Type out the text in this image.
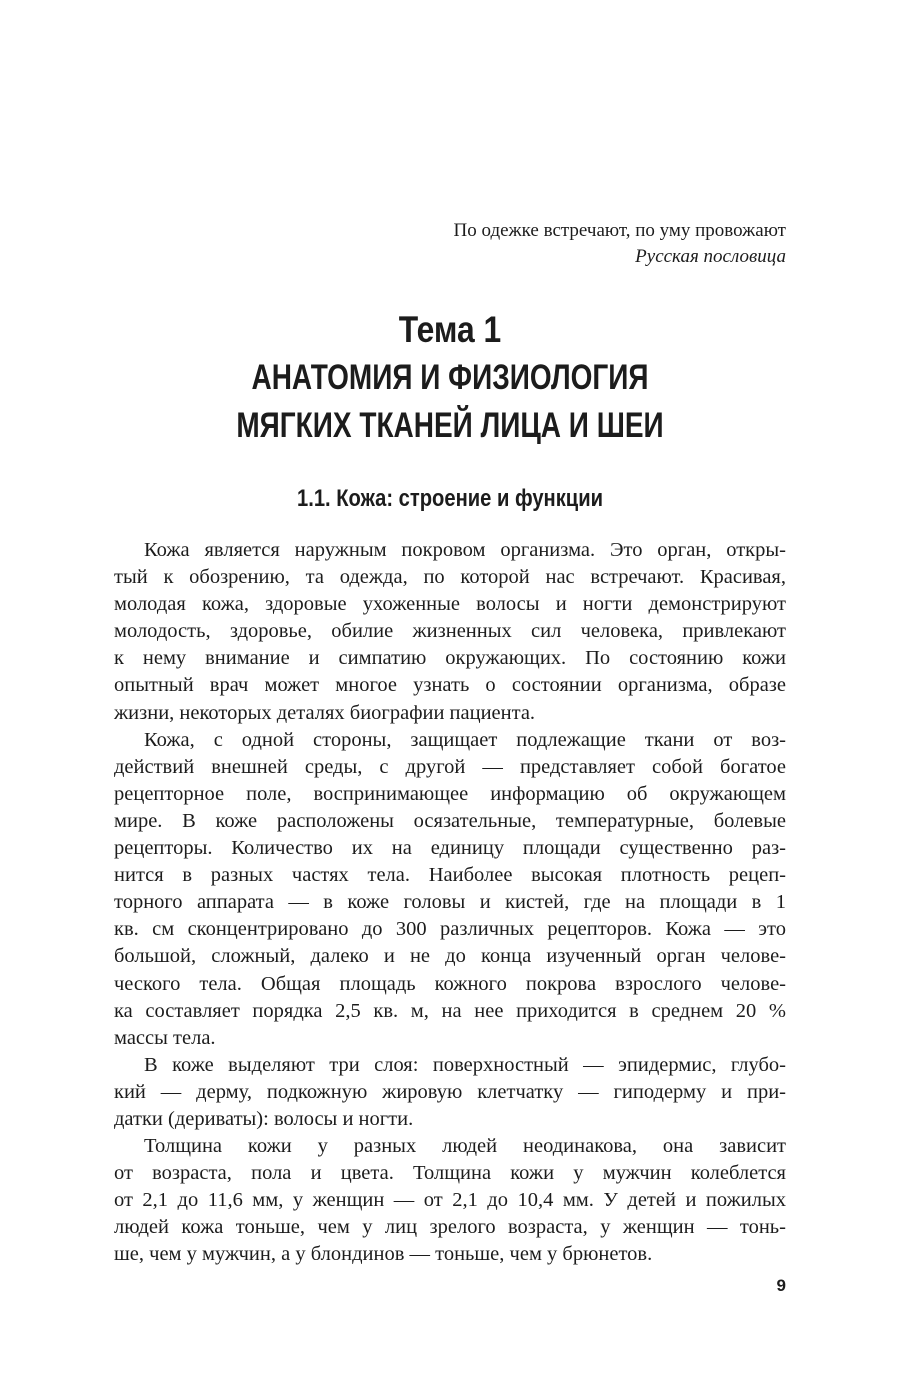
По одежке встречают, по уму провожают
Русская пословица
Тема 1
АНАТОМИЯ И ФИЗИОЛОГИЯ
МЯГКИХ ТКАНЕЙ ЛИЦА И ШЕИ
1.1. Кожа: строение и функции
Кожа является наружным покровом организма. Это орган, откры-
тый к обозрению, та одежда, по которой нас встречают. Красивая,
молодая кожа, здоровые ухоженные волосы и ногти демонстрируют
молодость, здоровье, обилие жизненных сил человека, привлекают
к нему внимание и симпатию окружающих. По состоянию кожи
опытный врач может многое узнать о состоянии организма, образе
жизни, некоторых деталях биографии пациента.
Кожа, с одной стороны, защищает подлежащие ткани от воз-
действий внешней среды, с другой — представляет собой богатое
рецепторное поле, воспринимающее информацию об окружающем
мире. В коже расположены осязательные, температурные, болевые
рецепторы. Количество их на единицу площади существенно раз-
нится в разных частях тела. Наиболее высокая плотность рецеп-
торного аппарата — в коже головы и кистей, где на площади в 1
кв. см сконцентрировано до 300 различных рецепторов. Кожа — это
большой, сложный, далеко и не до конца изученный орган челове-
ческого тела. Общая площадь кожного покрова взрослого челове-
ка составляет порядка 2,5 кв. м, на нее приходится в среднем 20 %
массы тела.
В коже выделяют три слоя: поверхностный — эпидермис, глубо-
кий — дерму, подкожную жировую клетчатку — гиподерму и при-
датки (дериваты): волосы и ногти.
Толщина кожи у разных людей неодинакова, она зависит
от возраста, пола и цвета. Толщина кожи у мужчин колеблется
от 2,1 до 11,6 мм, у женщин — от 2,1 до 10,4 мм. У детей и пожилых
людей кожа тоньше, чем у лиц зрелого возраста, у женщин — тонь-
ше, чем у мужчин, а у блондинов — тоньше, чем у брюнетов.
9
